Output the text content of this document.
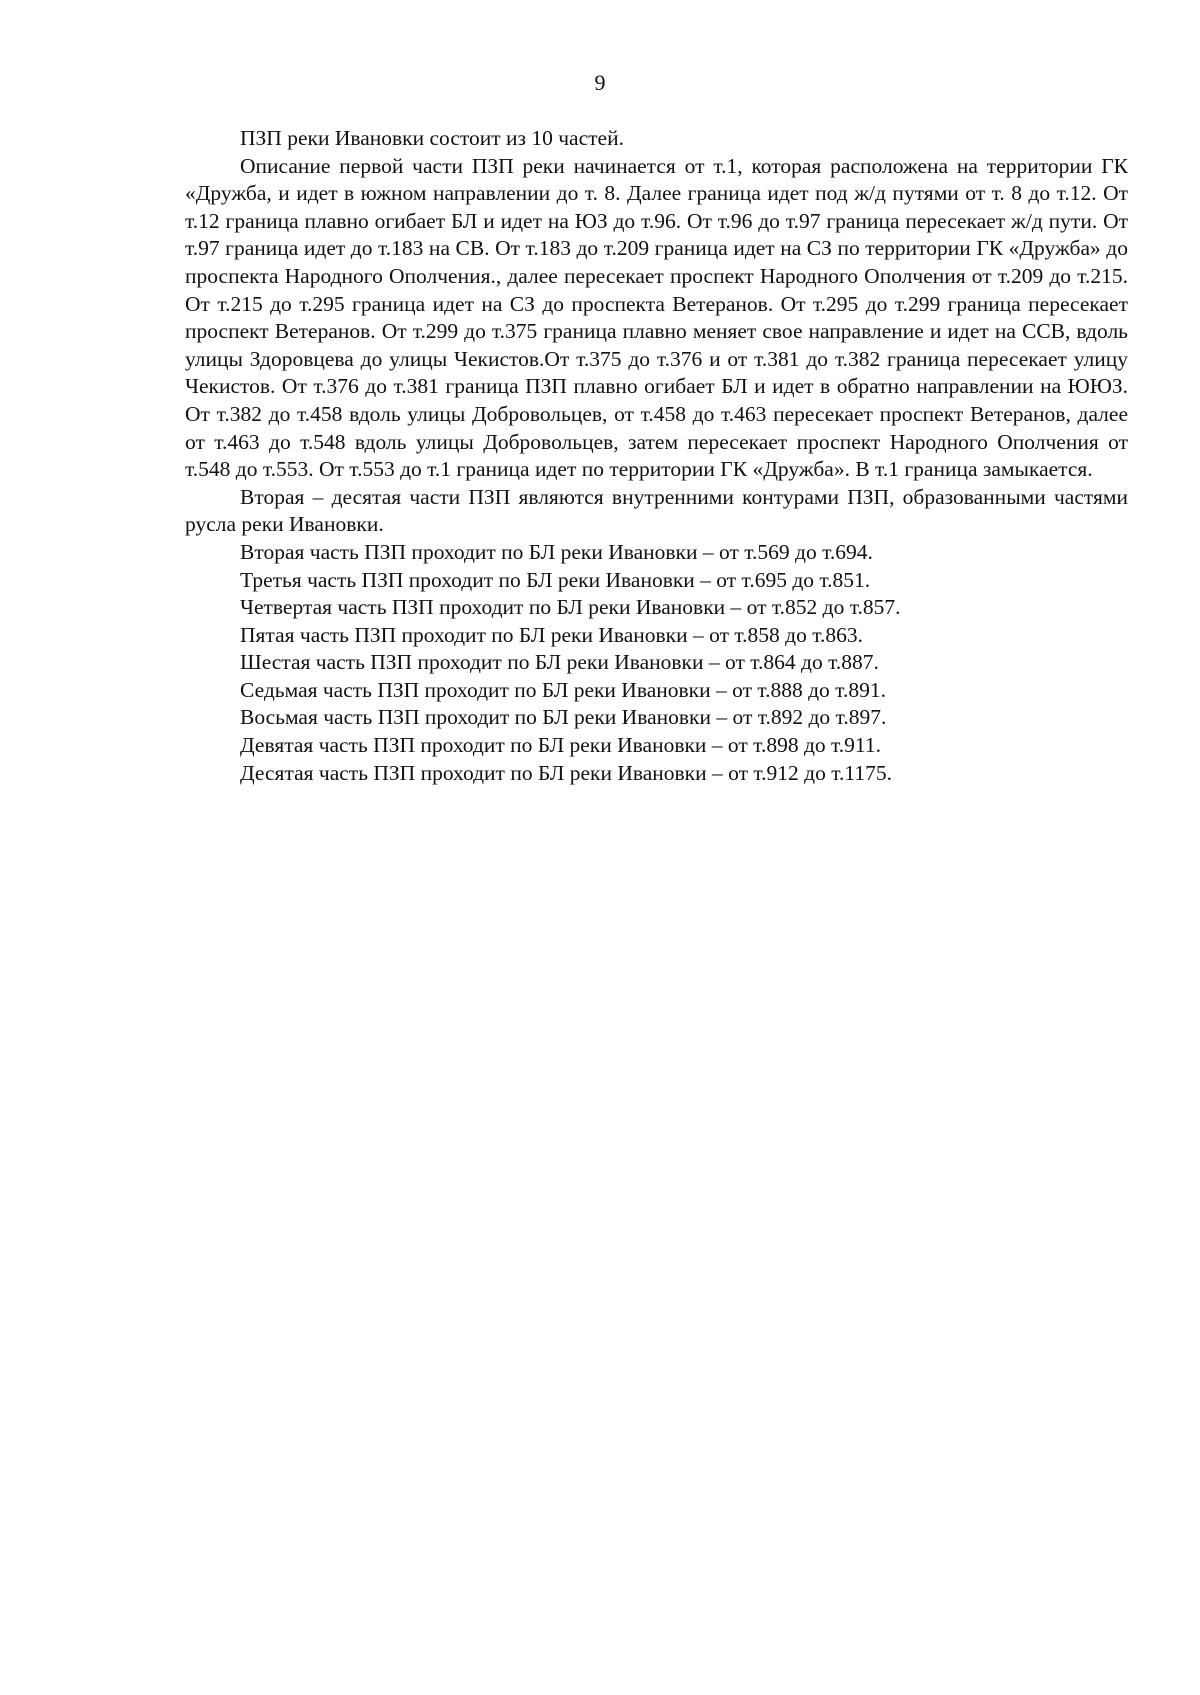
9

ПЗП реки Ивановки состоит из 10 частей.

Описание первой части ПЗП реки начинается от т.1, которая расположена на территории ГК «Дружба, и идет в южном направлении до т. 8. Далее граница идет под ж/д путями от т. 8 до т.12. От т.12 граница плавно огибает БЛ и идет на ЮЗ до т.96. От т.96 до т.97 граница пересекает ж/д пути. От т.97 граница идет до т.183 на СВ. От т.183 до т.209 граница идет на СЗ по территории ГК «Дружба» до проспекта Народного Ополчения., далее пересекает проспект Народного Ополчения от т.209 до т.215. От т.215 до т.295 граница идет на СЗ до проспекта Ветеранов. От т.295 до т.299 граница пересекает проспект Ветеранов. От т.299 до т.375 граница плавно меняет свое направление и идет на ССВ, вдоль улицы Здоровцева до улицы Чекистов.От т.375 до т.376 и от т.381 до т.382 граница пересекает улицу Чекистов. От т.376 до т.381 граница ПЗП плавно огибает БЛ и идет в обратно направлении на ЮЮЗ. От т.382 до т.458 вдоль улицы Добровольцев, от т.458 до т.463 пересекает проспект Ветеранов, далее от т.463 до т.548 вдоль улицы Добровольцев, затем пересекает проспект Народного Ополчения от т.548 до т.553. От т.553 до т.1 граница идет по территории ГК «Дружба». В т.1 граница замыкается.

Вторая – десятая части ПЗП являются внутренними контурами ПЗП, образованными частями русла реки Ивановки.

Вторая часть ПЗП проходит по БЛ реки Ивановки – от т.569 до т.694.

Третья часть ПЗП проходит по БЛ реки Ивановки – от т.695 до т.851.

Четвертая часть ПЗП проходит по БЛ реки Ивановки – от т.852 до т.857.

Пятая часть ПЗП проходит по БЛ реки Ивановки – от т.858 до т.863.

Шестая часть ПЗП проходит по БЛ реки Ивановки – от т.864 до т.887.

Седьмая часть ПЗП проходит по БЛ реки Ивановки – от т.888 до т.891.

Восьмая часть ПЗП проходит по БЛ реки Ивановки – от т.892 до т.897.

Девятая часть ПЗП проходит по БЛ реки Ивановки – от т.898 до т.911.

Десятая часть ПЗП проходит по БЛ реки Ивановки – от т.912 до т.1175.
